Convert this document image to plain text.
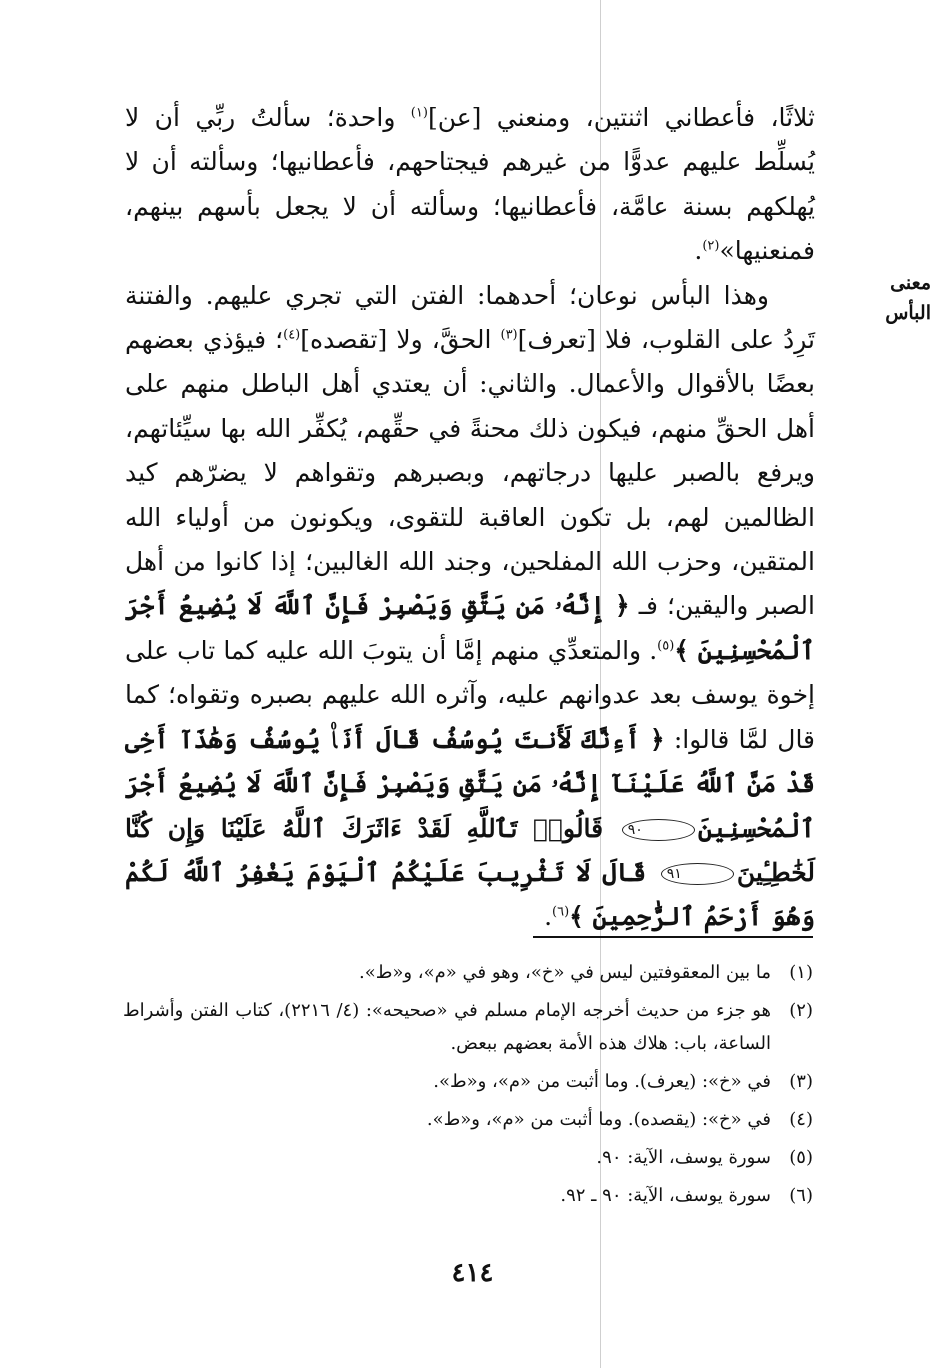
معنى البأس

ثلاثًا، فأعطاني اثنتين، ومنعني [عن]$^{(١)}$ واحدة؛ سألتُ ربِّي أن لا يُسلِّط عليهم عدوًّا من غيرهم فيجتاحهم، فأعطانيها؛ وسألته أن لا يُهلكهم بسنة عامَّة، فأعطانيها؛ وسألته أن لا يجعل بأسهم بينهم، فمنعنيها»$^{(٢)}$.

وهذا البأس نوعان؛ أحدهما: الفتن التي تجري عليهم. والفتنة تَرِدُ على القلوب، فلا [تعرف]$^{(٣)}$ الحقَّ، ولا [تقصده]$^{(٤)}$؛ فيؤذي بعضهم بعضًا بالأقوال والأعمال. والثاني: أن يعتدي أهل الباطل منهم على أهل الحقِّ منهم، فيكون ذلك محنةً في حقِّهم، يُكفِّر الله بها سيِّئاتهم، ويرفع بالصبر عليها درجاتهم، وبصبرهم وتقواهم لا يضرّهم كيد الظالمين لهم، بل تكون العاقبة للتقوى، ويكونون من أولياء الله المتقين، وحزب الله المفلحين، وجند الله الغالبين؛ إذا كانوا من أهل الصبر واليقين؛ فـ ﴿ إِنَّهُۥ مَن يَتَّقِ وَيَصْبِرْ فَإِنَّ ٱللَّهَ لَا يُضِيعُ أَجْرَ ٱلْمُحْسِنِينَ ﴾$^{(٥)}$. والمتعدِّي منهم إمَّا أن يتوبَ الله عليه كما تاب على إخوة يوسف بعد عدوانهم عليه، وآثره الله عليهم بصبره وتقواه؛ كما قال لمَّا قالوا: ﴿ أَءِنَّكَ لَأَنتَ يُوسُفُ قَالَ أَنَا۠ يُوسُفُ وَهَٰذَآ أَخِى قَدْ مَنَّ ٱللَّهُ عَلَيْنَآ إِنَّهُۥ مَن يَتَّقِ وَيَصْبِرْ فَإِنَّ ٱللَّهَ لَا يُضِيعُ أَجْرَ ٱلْمُحْسِنِينَ٩٠ قَالُوا۟ تَٱللَّهِ لَقَدْ ءَاثَرَكَ ٱللَّهُ عَلَيْنَا وَإِن كُنَّا لَخَٰطِـِٔينَ٩١ قَالَ لَا تَثْرِيبَ عَلَيْكُمُ ٱلْيَوْمَ يَغْفِرُ ٱللَّهُ لَكُمْ وَهُوَ أَرْحَمُ ٱلرَّٰحِمِينَ ﴾$^{(٦)}$.

(١)
ما بين المعقوفتين ليس في «خ»، وهو في «م»، و«ط».
(٢)
هو جزء من حديث أخرجه الإمام مسلم في «صحيحه»: (٤/ ٢٢١٦)، كتاب الفتن وأشراط الساعة، باب: هلاك هذه الأمة بعضهم ببعض.
(٣)
في «خ»: (يعرف). وما أثبت من «م»، و«ط».
(٤)
في «خ»: (يقصده). وما أثبت من «م»، و«ط».
(٥)
سورة يوسف، الآية: ٩٠.
(٦)
سورة يوسف، الآية: ٩٠ ـ ٩٢.
٤١٤
